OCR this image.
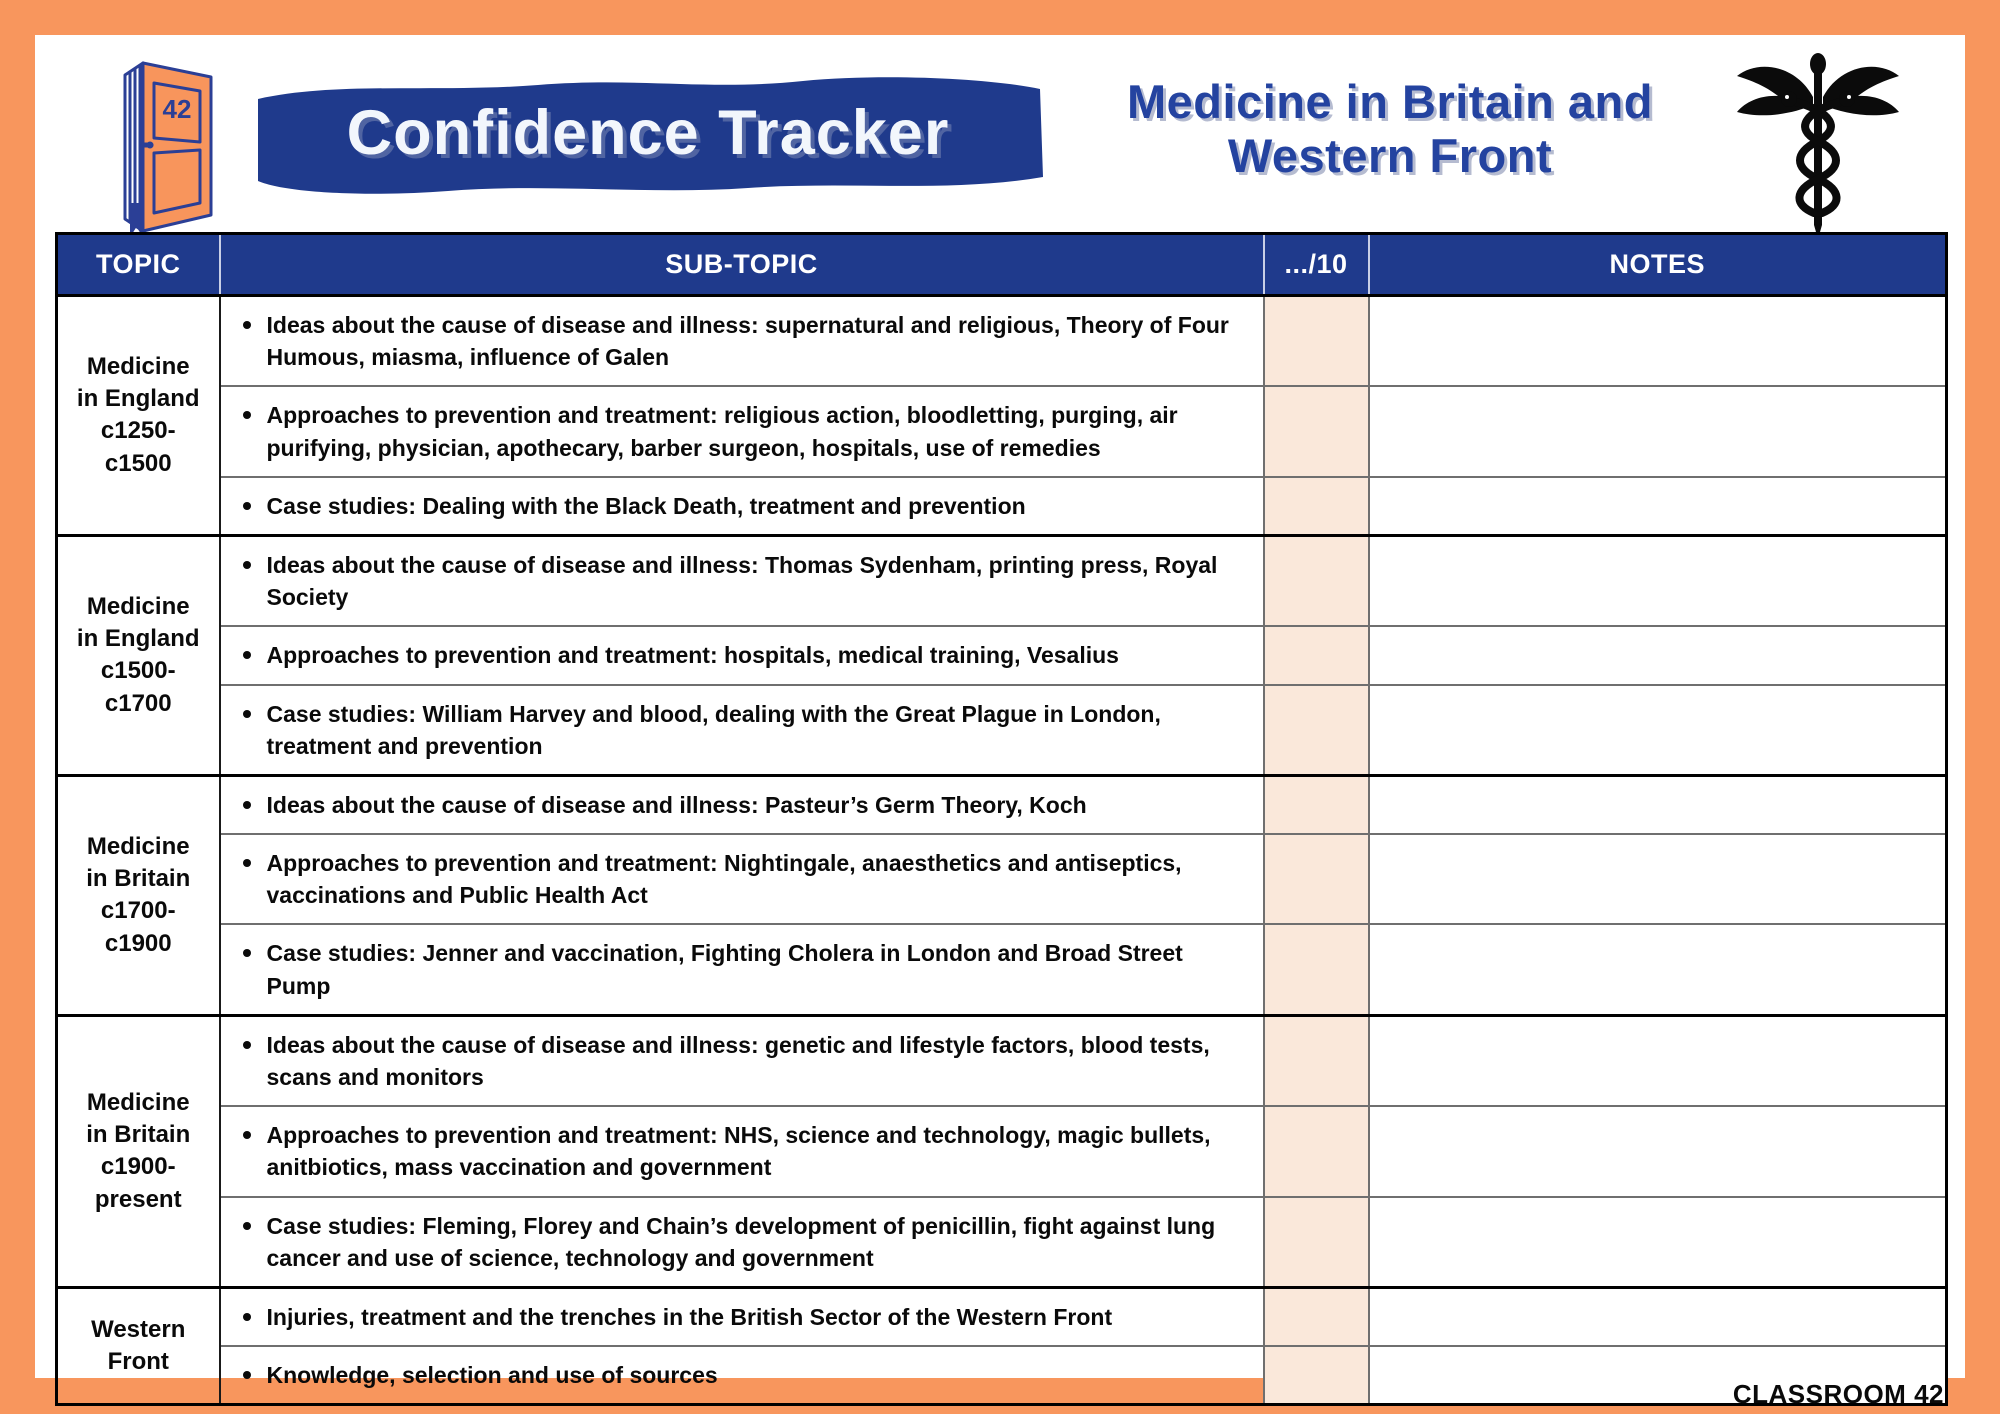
42	Confidence Tracker	Medicine in Britain and
Western Front
TOPIC	SUB-TOPIC	.../10	NOTES
Medicine in England c1250-c1500	Ideas about the cause of disease and illness: supernatural and religious, Theory of Four Humous, miasma, influence of Galen		

	Approaches to prevention and treatment: religious action, bloodletting, purging, air purifying, physician, apothecary, barber surgeon, hospitals, use of remedies		

	Case studies: Dealing with the Black Death, treatment and prevention		

Medicine in England c1500-c1700	Ideas about the cause of disease and illness: Thomas Sydenham, printing press, Royal Society		

	Approaches to prevention and treatment: hospitals, medical training, Vesalius		

	Case studies: William Harvey and blood, dealing with the Great Plague in London, treatment and prevention		

Medicine in Britain c1700-c1900	Ideas about the cause of disease and illness: Pasteur’s Germ Theory, Koch		

	Approaches to prevention and treatment: Nightingale, anaesthetics and antiseptics, vaccinations and Public Health Act		

	Case studies: Jenner and vaccination, Fighting Cholera in London and Broad Street Pump		

Medicine in Britain c1900-present	Ideas about the cause of disease and illness: genetic and lifestyle factors, blood tests, scans and monitors		

	Approaches to prevention and treatment: NHS, science and technology, magic bullets, anitbiotics, mass vaccination and government		

	Case studies: Fleming, Florey and Chain’s development of penicillin, fight against lung cancer and use of science, technology and government		

Western Front	Injuries, treatment and the trenches in the British Sector of the Western Front		

	Knowledge, selection and use of sources		

CLASSROOM 42
